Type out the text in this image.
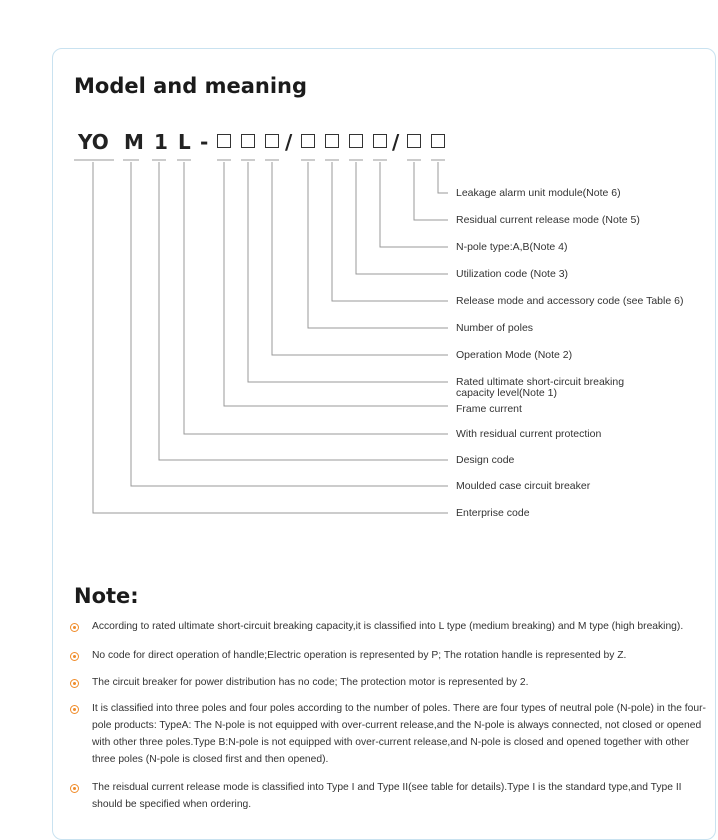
Model and meaning
YO M 1 L -	/	/
Leakage alarm unit module(Note 6)
Residual current release mode (Note 5)
N-pole type:A,B(Note 4)
Utilization code (Note 3)
Release mode and accessory code (see Table 6)
Number of poles
Operation Mode (Note 2)
Rated ultimate short-circuit breaking
capacity level(Note 1)
Frame current
With residual current protection
Design code
Moulded case circuit breaker
Enterprise code
Note:
According to rated ultimate short-circuit breaking capacity,it is classified into L type (medium breaking) and M type (high breaking).
No code for direct operation of handle;Electric operation is represented by P; The rotation handle is represented by Z.
The circuit breaker for power distribution has no code; The protection motor is represented by 2.
It is classified into three poles and four poles according to the number of poles. There are four types of neutral pole (N-pole) in the four-pole products: TypeA: The N-pole is not equipped with over-current release,and the N-pole is always connected, not closed or opened with other three poles.Type B:N-pole is not equipped with over-current release,and N-pole is closed and opened together with other three poles (N-pole is closed first and then opened).
The reisdual current release mode is classified into Type I and Type II(see table for details).Type I is the standard type,and Type II should be specified when ordering.
